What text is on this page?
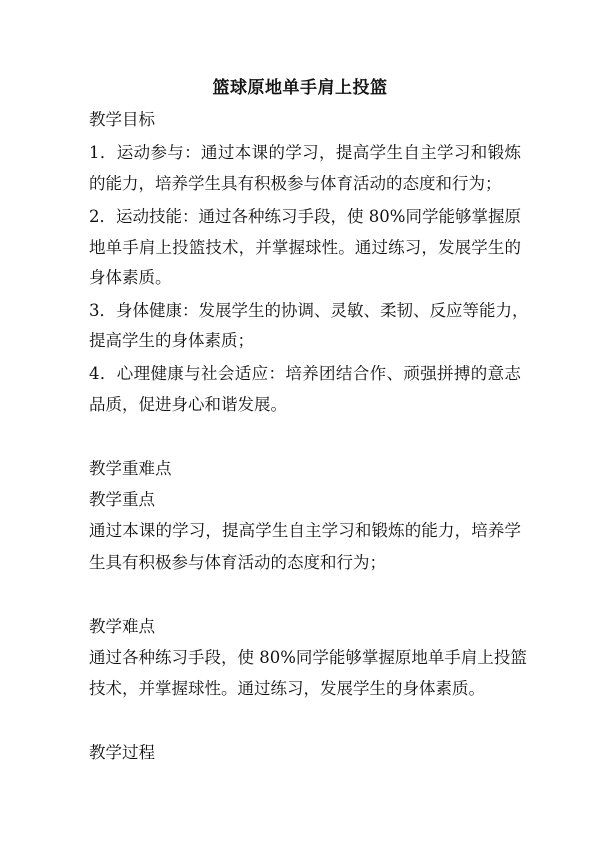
篮球原地单手肩上投篮
教学目标
1．运动参与：通过本课的学习，提高学生自主学习和锻炼
的能力，培养学生具有积极参与体育活动的态度和行为；
2．运动技能：通过各种练习手段，使 80%同学能够掌握原
地单手肩上投篮技术，并掌握球性。通过练习，发展学生的
身体素质。
3．身体健康：发展学生的协调、灵敏、柔韧、反应等能力，
提高学生的身体素质；
4．心理健康与社会适应：培养团结合作、顽强拼搏的意志
品质，促进身心和谐发展。
教学重难点
教学重点
通过本课的学习，提高学生自主学习和锻炼的能力，培养学
生具有积极参与体育活动的态度和行为；
教学难点
通过各种练习手段，使 80%同学能够掌握原地单手肩上投篮
技术，并掌握球性。通过练习，发展学生的身体素质。
教学过程
